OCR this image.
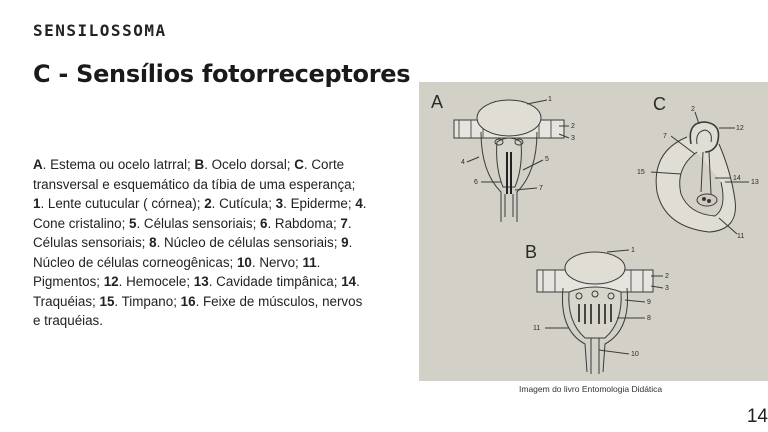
SENSILOSSOMA
C - Sensílios fotorreceptores
A. Estema ou ocelo latrral; B. Ocelo dorsal; C. Corte transversal e esquemático da tíbia de uma esperança; 1. Lente cutucular ( córnea); 2. Cutícula; 3. Epiderme; 4. Cone cristalino; 5. Células sensoriais; 6. Rabdoma; 7. Células sensoriais; 8. Núcleo de células sensoriais; 9. Núcleo de células corneogênicas; 10. Nervo; 11. Pigmentos; 12. Hemocele; 13. Cavidade timpânica; 14. Traquéias; 15. Timpano; 16. Feixe de músculos, nervos e traquéias.
A	1
2
3
4	5
6
7
C	2
12
7
15
14
13
11
B	1
2
3
9
8
11
10
Imagem do livro Entomologia Didática
14
